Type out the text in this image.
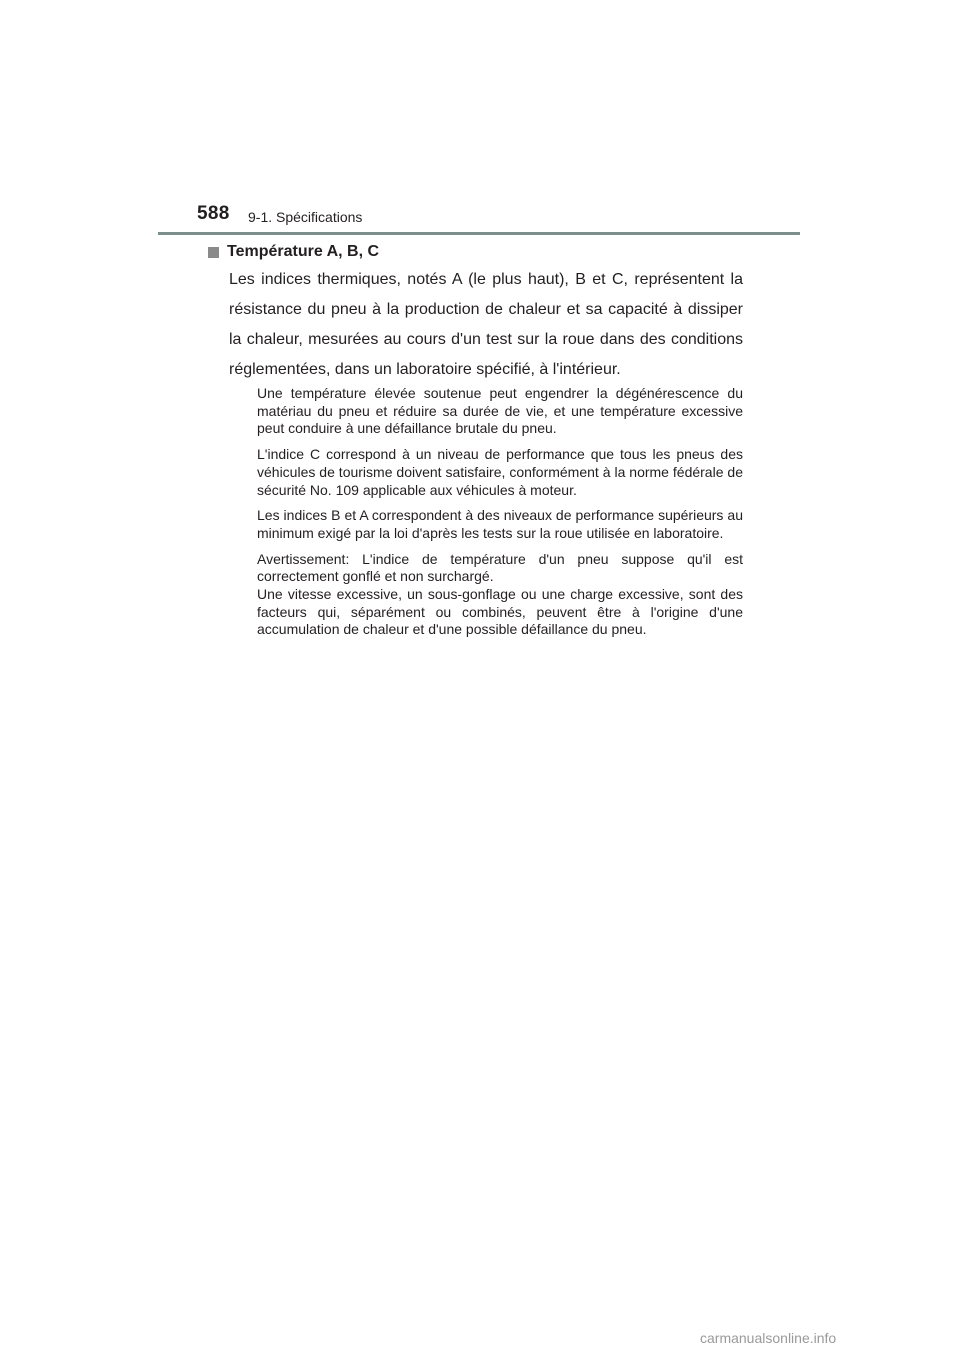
588 9-1. Spécifications
Température A, B, C

Les indices thermiques, notés A (le plus haut), B et C, représentent la résistance du pneu à la production de chaleur et sa capacité à dissiper la chaleur, mesurées au cours d'un test sur la roue dans des conditions réglementées, dans un laboratoire spécifié, à l'intérieur.

Une température élevée soutenue peut engendrer la dégénérescence du matériau du pneu et réduire sa durée de vie, et une température excessive peut conduire à une défaillance brutale du pneu.

L'indice C correspond à un niveau de performance que tous les pneus des véhicules de tourisme doivent satisfaire, conformément à la norme fédérale de sécurité No. 109 applicable aux véhicules à moteur.

Les indices B et A correspondent à des niveaux de performance supérieurs au minimum exigé par la loi d'après les tests sur la roue utilisée en laboratoire.

Avertissement: L'indice de température d'un pneu suppose qu'il est correctement gonflé et non surchargé.
Une vitesse excessive, un sous-gonflage ou une charge excessive, sont des facteurs qui, séparément ou combinés, peuvent être à l'origine d'une accumulation de chaleur et d'une possible défaillance du pneu.

carmanualsonline.info
